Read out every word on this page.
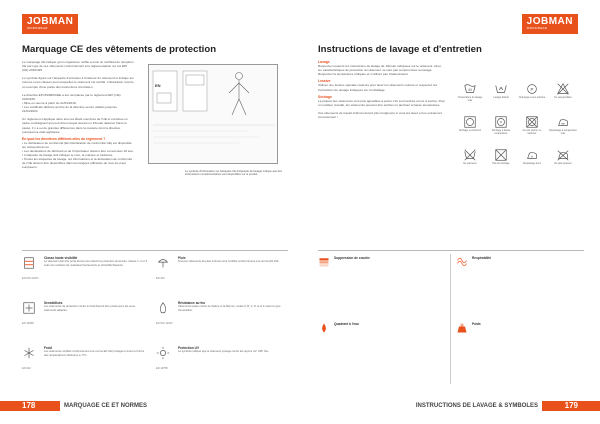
JOBMAN
WORKWEAR
Marquage CE des vêtements de protection
Le marquage CE indique qu'un organisme notifié a émis un certificat de réception CE par type de ces vêtements conformément à la réglementation sur les EPI (UE) 2016/425.

Le symbole figure sur l'étiquette d'entretien à l'intérieur du vêtement et indique les normes et les classes pour lesquelles le vêtement est certifié. L'illustration montre un exemple d'une partie des instructions d'entretien.

La directive EPI 89/686/CEE a été remplacée par le règlement EPI (UE) 2016/425.
• Mise en œuvre à partir du 21/04/2018.
• Les certificats délivrés au titre de la directive seront valides jusqu'au 21/04/2023.

Un règlement s'applique dans tous les États membres de l'UE et constitue un cadre contraignant qui peut être invoqué devant un tribunal national. Dans le passé, il y a eu de grandes différences dans la manière dont la directive européenne était appliquée.
En quoi les directives diffèrent-elles du règlement ?
• Le déclarateur de conformité (EC-Déclaration de conformité UE) est disponible sur www.jobman.se.
• Les déclarations de fabricant et de l'importateur doivent être conservées 10 ans.
• L'étiquette de lavage doit indiquer le nom, la marque et l'adresse.
• Toutes les étiquettes de lavage, les informations et la déclaration de conformité de l'UE doivent être disponibles dans les langues officielles de tous les pays européens.
EN
Le symbole d'information sur l'étiquette CE (l'étiquette de lavage) indique que des informations complémentaires sont disponibles sur le produit.
EN ISO 20471
Classe haute visibilité
Le vêtement doit être porté fermé pour obtenir la protection annoncée. Classe 1, 2 et 3 selon les surfaces de matériaux fluorescents et rétroréfléchissants.
EN 343
Pluie
Tous les vêtements de pluie Jobman sont certifiés conformément à la norme EN 343.
EN 14058
Sensibilisés
Les vêtements de protection contre le froid doivent être portés avec les sous-vêtements adaptés.
EN ISO 11612
Résistance au feu
Vêtements testés contre la chaleur et la flamme, codes A, B, C, D, E et F selon le type d'exposition.
EN 342
Froid
Les vêtements certifiés conformément à la norme EN 342 protègent contre le froid à des températures inférieures à -5°C.
EN 13758
Protection UV
Le symbole indique que le vêtement protège contre les rayons UV, UPF 40+.
178	MARQUAGE CE ET NORMES
JOBMAN
WORKWEAR
Instructions de lavage et d'entretien
Lavage
Respectez toujours les instructions de lavage de Jobman indiquées sur le vêtement. Ainsi, les caractéristiques de protection du vêtement ne sont pas compromises au lavage. Respectez la température indiquée et n'utilisez pas d'adoucissant.
Lessive
Utilisez une lessive spéciale couleurs pour laver les vêtements colorés et respectez les instructions de dosage indiquées sur l'emballage.
Séchage
La plupart des vêtements sont plus agréables à porter s'ils sont séchés et mis à sécher. Pour un meilleur résultat, les vêtements peuvent être séchés en tambour à basse température.

Vos vêtements de travail Jobman durent plus longtemps si vous les lavez et les entretenez correctement !
40
Température du lavage max
Lavage délicat
P
Nettoyage à sec autorisé	Ne pas javelliser
Séchage en tambour	Séchage à basse température
Ne pas sécher en tambour
Repassage à température max
Ne pas laver	Pas de séchage	Repassage doux	Ne pas repasser
Suppression de couche	Respirabilité
Quadrant à l'eau	Poids
INSTRUCTIONS DE LAVAGE & SYMBOLES	179
